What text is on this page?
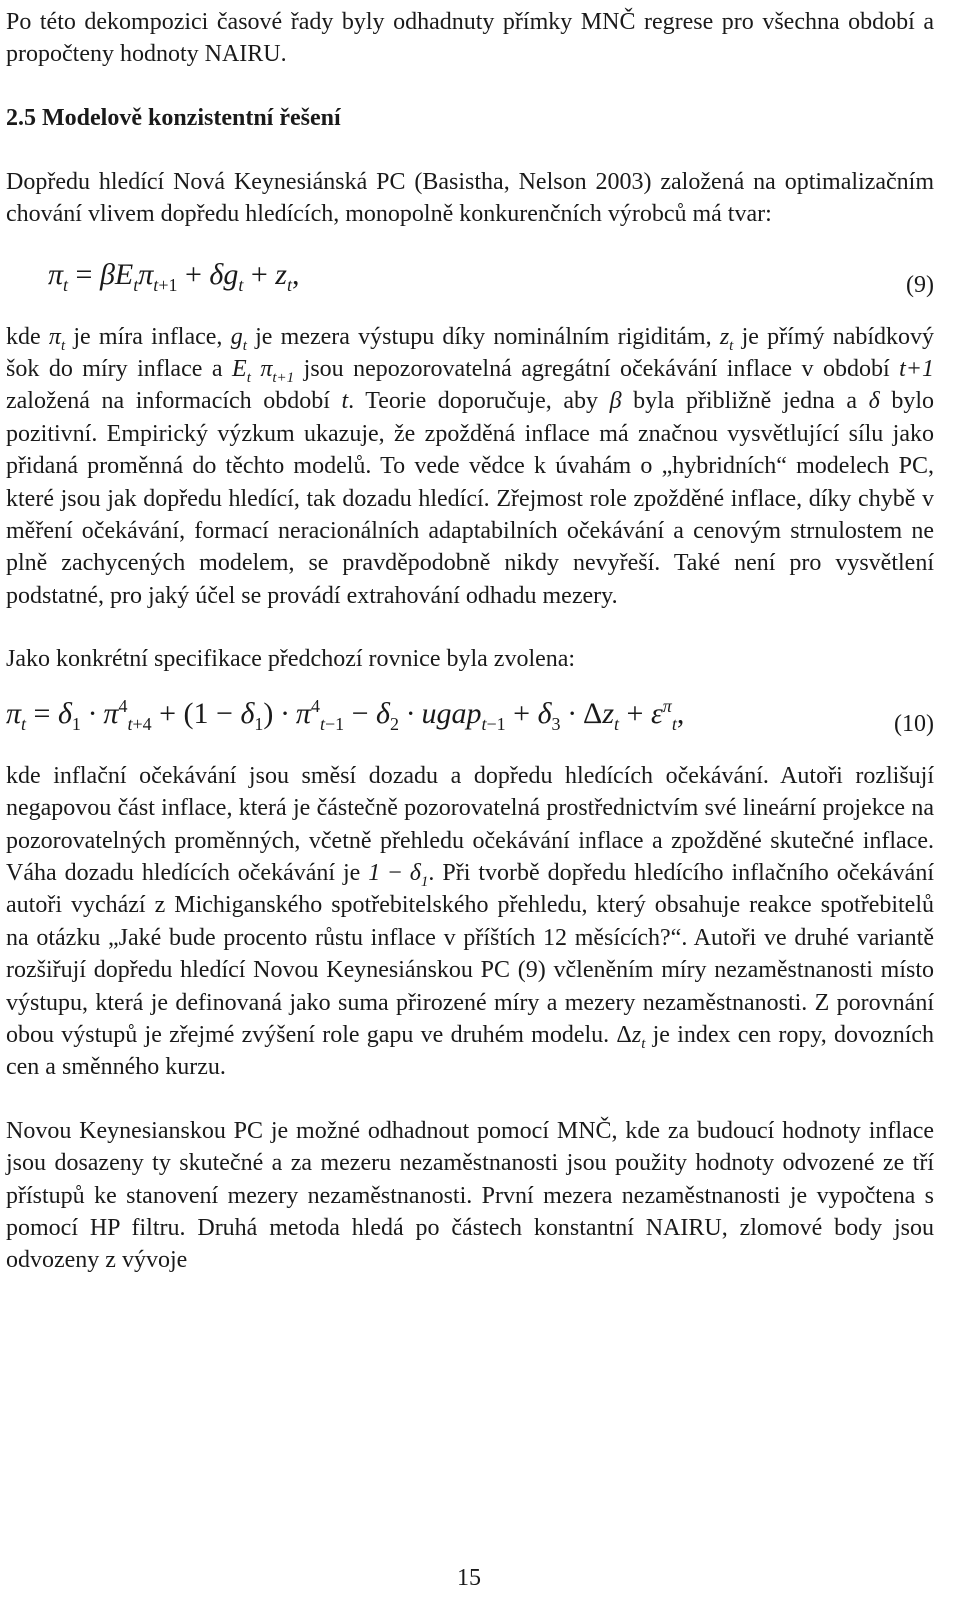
Po této dekompozici časové řady byly odhadnuty přímky MNČ regrese pro všechna období a propočteny hodnoty NAIRU.

2.5 Modelově konzistentní řešení

Dopředu hledící Nová Keynesiánská PC (Basistha, Nelson 2003) založená na optimalizačním chování vlivem dopředu hledících, monopolně konkurenčních výrobců má tvar:

$\pi_t = \beta E_t\pi_{t+1} + \delta g_t + z_t$,	(9)

kde $\pi_t$ je míra inflace, $g_t$ je mezera výstupu díky nominálním rigiditám, $z_t$ je přímý nabídkový šok do míry inflace a $E_t$ $\pi_{t+1}$ jsou nepozorovatelná agregátní očekávání inflace v období t+1 založená na informacích období t. Teorie doporučuje, aby β byla přibližně jedna a δ bylo pozitivní. Empirický výzkum ukazuje, že zpožděná inflace má značnou vysvětlující sílu jako přidaná proměnná do těchto modelů. To vede vědce k úvahám o „hybridních“ modelech PC, které jsou jak dopředu hledící, tak dozadu hledící. Zřejmost role zpožděné inflace, díky chybě v měření očekávání, formací neracionálních adaptabilních očekávání a cenovým strnulostem ne plně zachycených modelem, se pravděpodobně nikdy nevyřeší. Také není pro vysvětlení podstatné, pro jaký účel se provádí extrahování odhadu mezery.

Jako konkrétní specifikace předchozí rovnice byla zvolena:

$\pi_t = \delta_1 \cdot \pi^4_{t+4} + (1 - \delta_1) \cdot \pi^4_{t-1} - \delta_2$ · ugap$_{t-1}$ + $\delta_3 \cdot \Delta z_t + \varepsilon^\pi_t$,	(10)

kde inflační očekávání jsou směsí dozadu a dopředu hledících očekávání. Autoři rozlišují negapovou část inflace, která je částečně pozorovatelná prostřednictvím své lineární projekce na pozorovatelných proměnných, včetně přehledu očekávání inflace a zpožděné skutečné inflace. Váha dozadu hledících očekávání je $1 - \delta_1$. Při tvorbě dopředu hledícího inflačního očekávání autoři vychází z Michiganského spotřebitelského přehledu, který obsahuje reakce spotřebitelů na otázku „Jaké bude procento růstu inflace v příštích 12 měsících?“. Autoři ve druhé variantě rozšiřují dopředu hledící Novou Keynesiánskou PC (9) včleněním míry nezaměstnanosti místo výstupu, která je definovaná jako suma přirozené míry a mezery nezaměstnanosti. Z porovnání obou výstupů je zřejmé zvýšení role gapu ve druhém modelu. $\Delta z_t$ je index cen ropy, dovozních cen a směnného kurzu.

Novou Keynesianskou PC je možné odhadnout pomocí MNČ, kde za budoucí hodnoty inflace jsou dosazeny ty skutečné a za mezeru nezaměstnanosti jsou použity hodnoty odvozené ze tří přístupů ke stanovení mezery nezaměstnanosti. První mezera nezaměstnanosti je vypočtena s pomocí HP filtru. Druhá metoda hledá po částech konstantní NAIRU, zlomové body jsou odvozeny z vývoje

15
